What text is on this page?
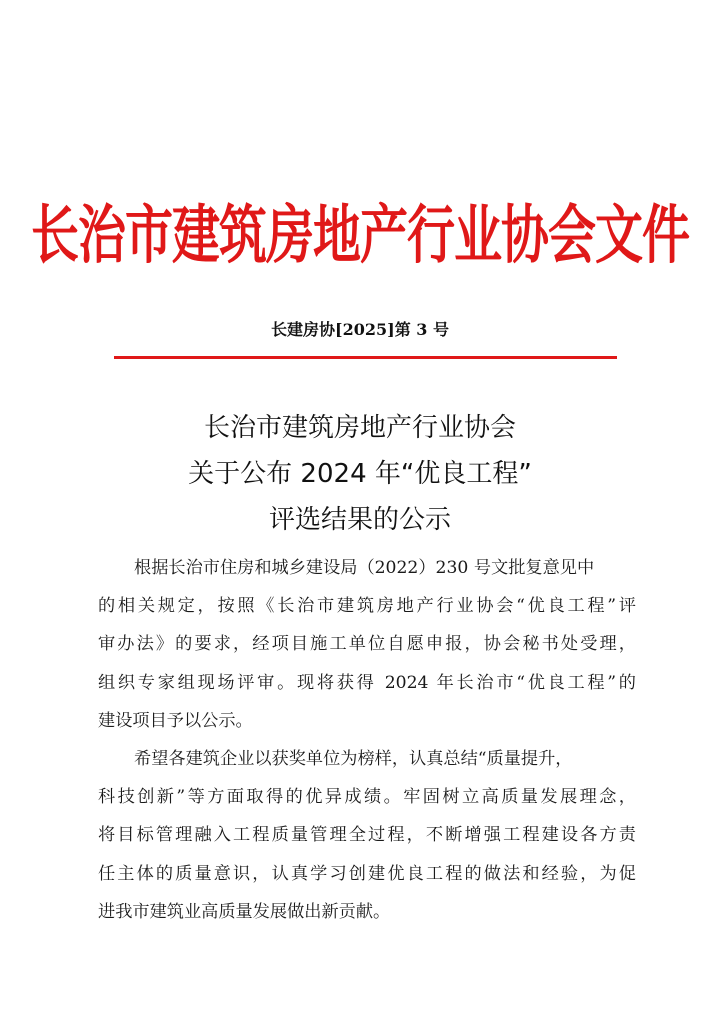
长治市建筑房地产行业协会文件
长建房协[2025]第 3 号
长治市建筑房地产行业协会
关于公布 2024 年“优良工程”
评选结果的公示
根据长治市住房和城乡建设局（2022）230 号文批复意见中
的相关规定，按照《长治市建筑房地产行业协会“优良工程”评
审办法》的要求，经项目施工单位自愿申报，协会秘书处受理，
组织专家组现场评审。现将获得 2024 年长治市“优良工程”的
建设项目予以公示。
希望各建筑企业以获奖单位为榜样，认真总结“质量提升，
科技创新”等方面取得的优异成绩。牢固树立高质量发展理念，
将目标管理融入工程质量管理全过程，不断增强工程建设各方责
任主体的质量意识，认真学习创建优良工程的做法和经验，为促
进我市建筑业高质量发展做出新贡献。
